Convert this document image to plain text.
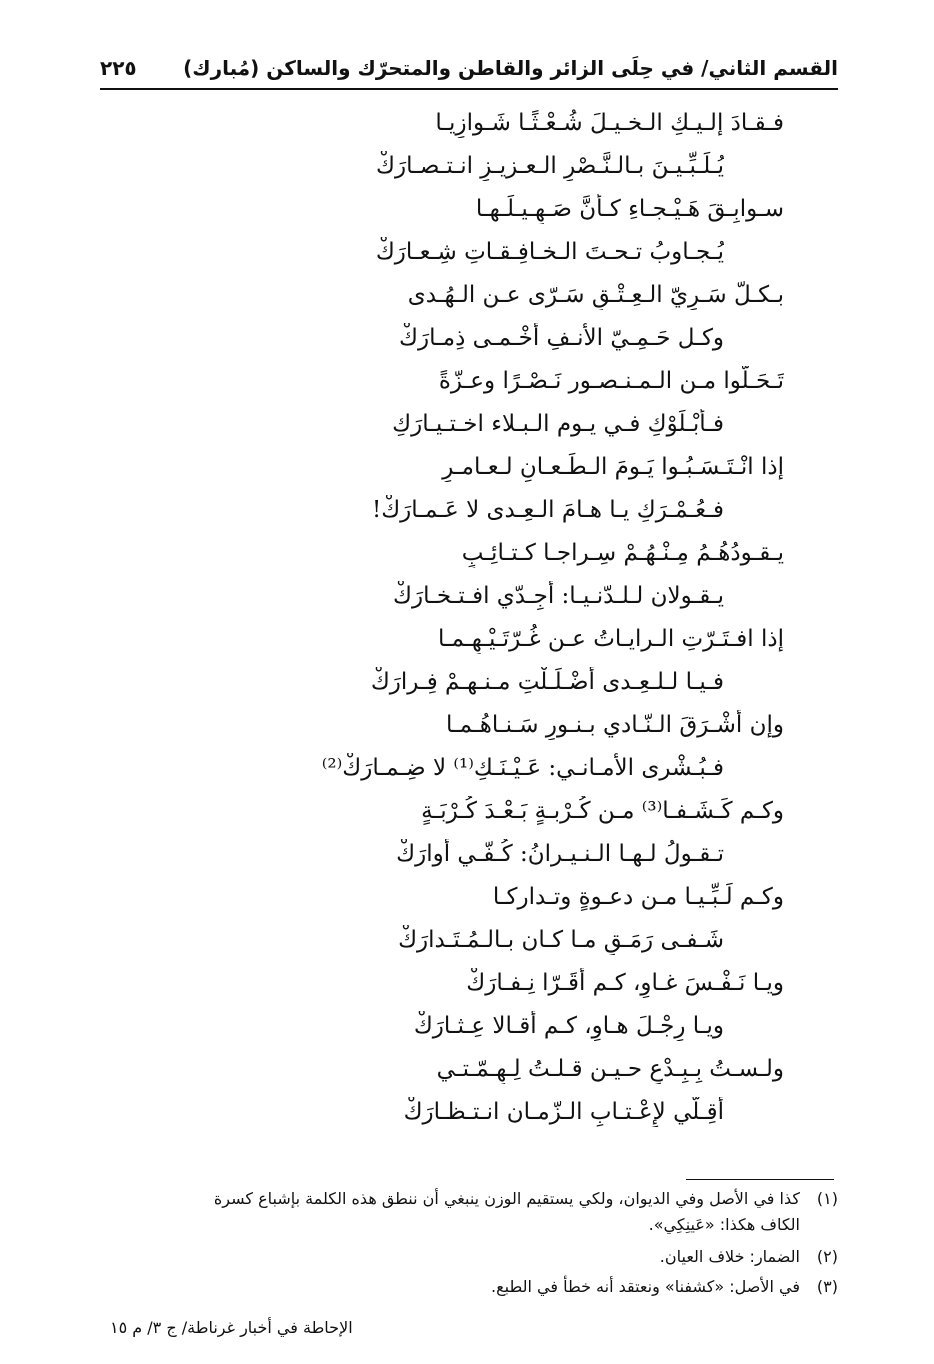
القسم الثاني/ في حِلَى الزائر والقاطن والمتحرّك والساكن (مُبارك)
٢٢٥
فـقـادَ إلـيـكِ الـخـيـلَ شُـعْـثًـا شَـوازِيـا
يُـلَـبِّـيـنَ بـالـنَّـصْرِ الـعـزيـزِ انـتـصـارَكْ
سـوابِـقَ هَـيْـجـاءِ كـأنَّ صَـهِـيـلَـهـا
يُـجـاوبُ تـحـتَ الـخـافِـقـاتِ شِـعـارَكْ
بـكـلّ سَـرِيّ الـعِـتْـقِ سَـرّى عـن الـهُـدى
وكـل حَـمِـيّ الأنـفِ أَخْـمـى ذِمـارَكْ
تَـحَـلَّوا مـن الـمـنـصـور نَـصْـرًا وعـزّةً
فـأَبْـلَوْكِ فـي يـوم الـبـلاء اخـتـيـارَكِ
إذا انْـتَـسَـبُـوا يَـومَ الـطِّـعـانِ لـعـامـرِ
فـعُـمْـرَكِ يـا هـامَ الـعِـدى لا عَـمـارَكْ!
يـقـودُهُـمُ مِـنْـهُـمْ سِـراجـا كـتـائِـبٍ
يـقـولان لـلـدّنـيـا: أَجِـدّي افـتـخـارَكْ
إذا افـتَـرّتِ الـرايـاتُ عـن غُـرّتَـيْـهِـمـا
فـيـا لـلـعِـدى أَضْـلَـلْتِ مـنـهـمْ فِـرارَكْ
وإن أَشْـرَقَ الـنّـادي بـنـورِ سَـنـاهُـمـا
فـبُـشْرى الأمـانـي: عَـيْـنَـكِ⁽¹⁾ لا ضِـمـارَكْ⁽²⁾
وكـم كَـشَـفـا⁽³⁾ مـن كُـرْبـةٍ بَـعْـدَ كُـرْبَـةٍ
تـقـولُ لـهـا الـنـيـرانُ: كُـفّـي أُوارَكْ
وكـم لَـبِّـيـا مـن دعـوةٍ وتـداركـا
شَـفـى رَمَـقٍ مـا كـان بـالـمُـتَـدارَكْ
ويـا نَـفْـسَ غـاوٍ، كـم أَقَـرّا نِـفـارَكْ
ويـا رِجْـلَ هـاوٍ، كـم أَقـالا عِـثـارَكْ
ولـسـتُ بِـبِـدْعٍ حـيـن قـلـتُ لِـهِـمّـتـي
أَقِـلّي لإِعْـتـابِ الـزّمـان انـتـظـارَكْ
(١)كذا في الأصل وفي الديوان، ولكي يستقيم الوزن ينبغي أن ننطق هذه الكلمة بإشباع كسرة
الكاف هكذا: «عَينِكِي».
(٢)الضمار: خلاف العيان.
(٣)في الأصل: «كشفنا» ونعتقد أنه خطأ في الطبع.
الإحاطة في أخبار غرناطة/ ج ٣/ م ١٥
